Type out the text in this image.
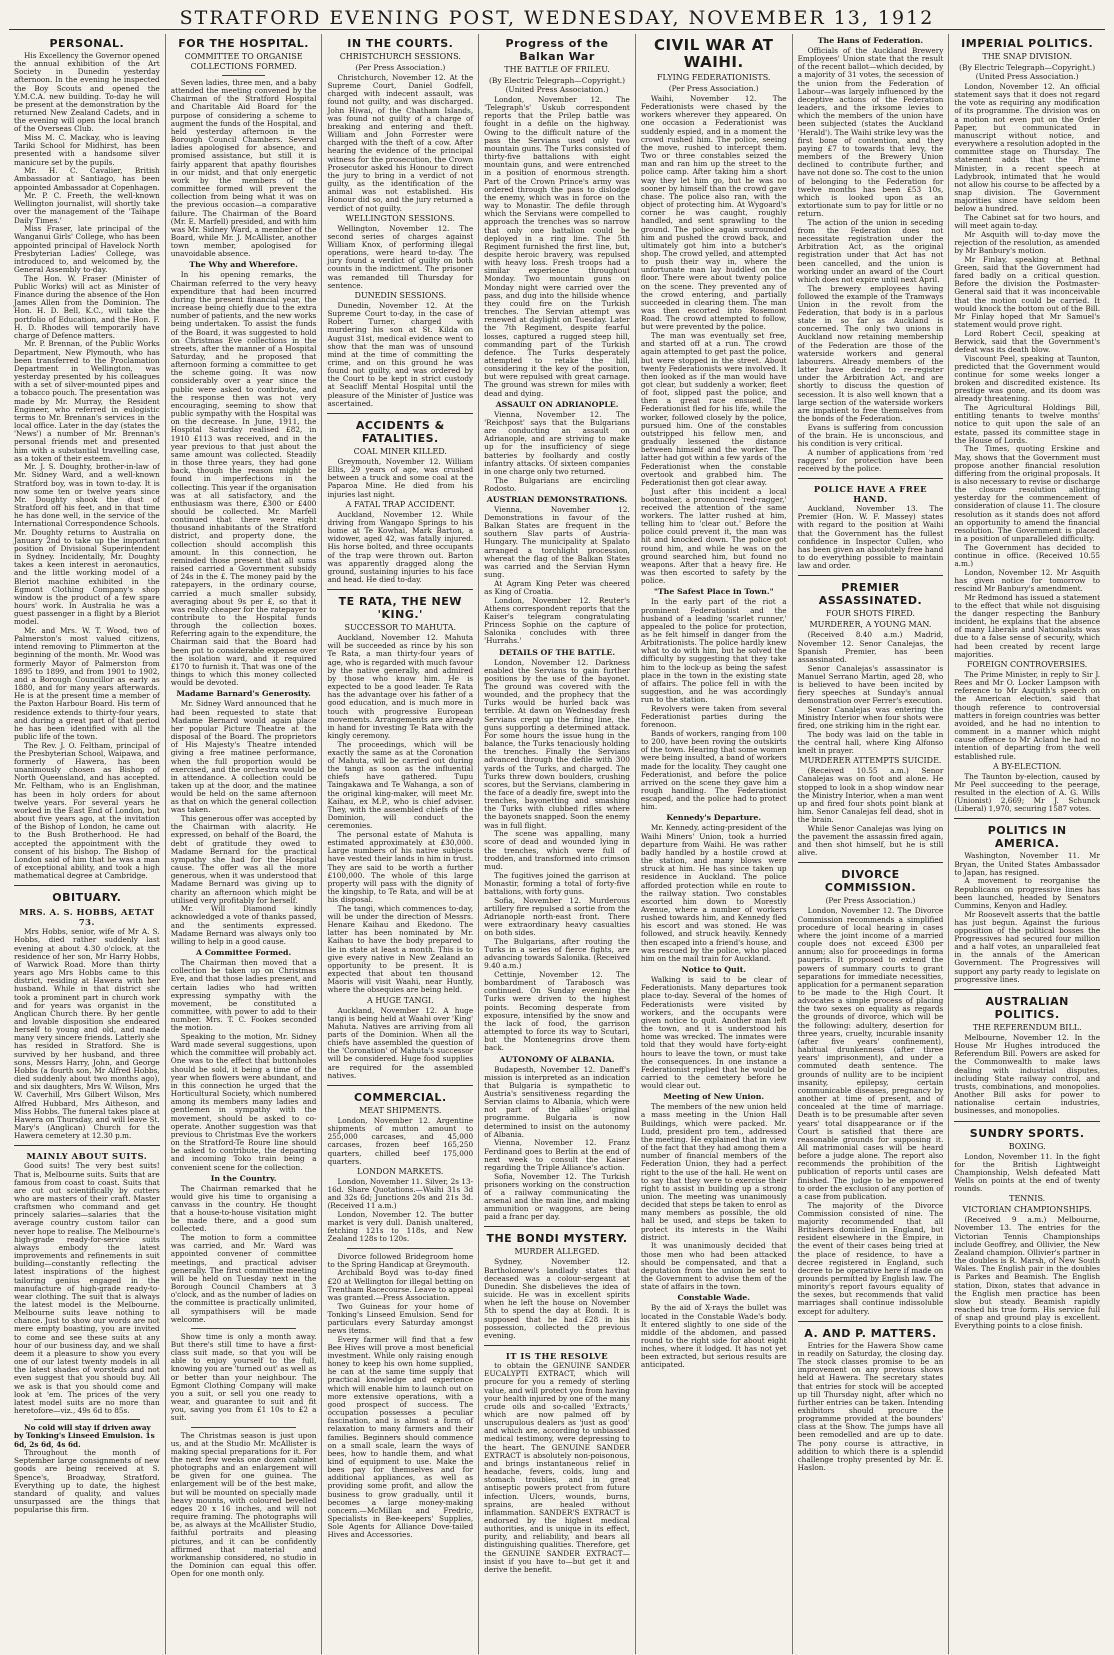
STRATFORD EVENING POST, WEDNESDAY, NOVEMBER 13, 1912
PERSONAL.

His Excellency the Governor opened the annual exhibition of the Art Society in Dunedin yesterday afternoon. In the evening he inspected the Boy Scouts and opened the Y.M.C.A. new building. To-day he will be present at the demonstration by the returned New Zealand Cadets, and in the evening will open the local branch of the Overseas Club.

Miss M. C. Mackay, who is leaving Tariki School for Midhirst, has been presented with a handsome silver manicure set by the pupils.

Mr. H. C. Cavalier, British Ambassador at Santiago, has been appointed Ambassador at Copenhagen.

Mr. P. C. Freeth, the well-known Wellington journalist, will shortly take over the management of the 'Taihape Daily Times.'

Miss Fraser, late principal of the Wanganui Girls' College, who has been appointed principal of Havelock North Presbyterian Ladies' College, was introduced to, and welcomed by, the General Assembly to-day.

The Hon. W. Fraser (Minister of Public Works) will act as Minister of Finance during the absence of the Hon James Allen from the Dominion. The Hon. H. D. Bell, K.C., will take the portfolio of Education, and the Hon. F. H. D. Rhodes will temporarily have charge of Defence matters.

Mr. P. Brennan, of the Public Works Department, New Plymouth, who has been transferred to the Proclamation Department in Wellington, was yesterday presented by his colleagues with a set of silver-mounted pipes and a tobacco pouch. The presentation was made by Mr. Murray, the Resident Engineer, who referred in eulogistic terms to Mr. Brennan's services in the local office. Later in the day (states the 'News') a number of Mr. Brennan's personal friends met and presented him with a substantial travelling case, as a token of their esteem.

Mr. J. S. Doughty, brother-in-law of Mr. Sidney Ward, and a well-known Stratford boy, was in town to-day. It is now some ten or twelve years since Mr. Doughty shook the dust of Stratford off his feet, and in that time he has done well, in the service of the International Correspondence Schools. Mr. Doughty returns to Australia on January 2nd to take up the important position of Divisional Superintendent in Sydney. Incidentally, Mr. Doughty takes a keen interest in aeronautics, and the little working model of a Bleriot machine exhibited in the Egmont Clothing Company's shop window is the product of a few spare hours' work. In Australia he was a guest passenger in a flight by a Bleriot model.

Mr. and Mrs. W. T. Wood, two of Palmerston's most valued citizens, intend removing to Plimmerton at the beginning of the month. Mr. Wood was formerly Mayor of Palmerston from 1895 to 1899, and from 1901 to 1902, and a Borough Councillor as early as 1880, and for many years afterwards. He is at the present time a member of the Paxton Harbour Board. His term of residence extends to thirty-four years, and during a great part of that period he has been identified with all the public life of the town.

The Rev. J. O. Feltham, principal of the Presbyterian School, Waipawa, and formerly of Hawera, has been unanimously chosen as Bishop of North Queensland, and has accepted. Mr. Feltham, who is an Englishman, has been in holy orders for about twelve years. For several years he worked in the East End of London, but about five years ago, at the invitation of the Bishop of London, he came out to the Bush Brotherhood. He had accepted the appointment with the consent of his bishop. The Bishop of London said of him that he was a man of exceptional ability, and took a high mathematical degree at Cambridge.

OBITUARY.
MRS. A. S. HOBBS, AETAT 73.

Mrs Hobbs, senior, wife of Mr A. S. Hobbs, died rather suddenly last evening at about 4.30 o'clock, at the residence of her son, Mr Harry Hobbs, of Warwick Road. More than thirty years ago Mrs Hobbs came to this district, residing at Hawera with her husband. While in that district she took a prominent part in church work and for years was organist in the Anglican Church there. By her gentle and lovable disposition she endeared herself to young and old, and made many very sincere friends. Latterly she has resided in Stratford. She is survived by her husband, and three sons, Messrs Harry, John, and George Hobbs (a fourth son, Mr Alfred Hobbs, died suddenly about two months ago), and six daughters, Mrs W. Wilson, Mrs W. Caverhill, Mrs Gilbert Wilson, Mrs Alfred Hubbard, Mrs Aitheson, and Miss Hobbs. The funeral takes place at Hawera on Thursday, and will leave St. Mary's (Anglican) Church for the Hawera cemetery at 12.30 p.m.

MAINLY ABOUT SUITS.

Good suits! The very best suits! That is, Melbourne suits. Suits that are famous from coast to coast. Suits that are cut out scientifically by cutters who are masters of their craft. Master craftsmen who command and get princely salaries—salaries that the average country custom tailor can never hope to realise. The Melbourne's high-grade ready-for-service suits always embody the latest improvements and refinements in suit building—constantly reflecting the latest inspirations of the highest tailoring genius engaged in the manufacture of high-grade ready-to-wear clothing. The suit that is always the latest model is the Melbourne. Melbourne suits leave nothing to chance. Just to show our words are not mere empty boasting, you are invited to come and see these suits at any hour of our business day, and we shall deem it a pleasure to show you every one of our latest twenty models in all the latest shades of worsteds and not even suggest that you should buy. All we ask is that you should come and look at 'em. The prices of the very latest model suits are no more than heretofore—viz., 49s 6d to 85s.

No cold will stay if driven away by Tonking's Linseed Emulsion. 1s 6d, 2s 6d, 4s 6d.

Throughout the month of September large consignments of new goods are being received at S. Spence's, Broadway, Stratford. Everything up to date, the highest standard of quality, and values unsurpassed are the things that popularise this firm.

FOR THE HOSPITAL.
COMMITTEE TO ORGANISE COLLECTIONS FORMED.

Seven ladies, three men, and a baby attended the meeting convened by the Chairman of the Stratford Hospital and Charitable Aid Board for the purpose of considering a scheme to augment the funds of the Hospital, and held yesterday afternoon in the Borough Council Chambers. Several ladies apologised for absence, and promised assistance, but still it is fairly apparent that apathy flourishes in our midst, and that only energetic work by the members of the committee formed will prevent the collection from being what it was on the previous occasion—a comparative failure. The Chairman of the Board (Mr. E. Marfell) presided, and with him was Mr. Sidney Ward, a member of the Board, while Mr. J. McAllister, another town member, apologised for unavoidable absence.

The Why and Wherefore.

In his opening remarks, the Chairman referred to the very heavy expenditure that had been incurred during the present financial year, the increase being chiefly due to the extra number of patients, and the new works being undertaken. To assist the funds of the Board, it was suggested to hold on Christmas Eve collections in the streets, after the manner of a Hospital Saturday, and he proposed that afternoon forming a committee to get the scheme going. It was now considerably over a year since the public were asked to contribute, and the response then was not very encouraging, seeming to show that public sympathy with the Hospital was on the decrease. In June, 1911, the Hospital Saturday realised £82, in 1910 £113 was received, and in the year previous to that just about the same amount was collected. Steadily in those three years, they had gone back, though the reason might be found in imperfections in the collecting. This year if the organisation was at all satisfactory, and the enthusiasm was there, £300 or £400 should be collected. Mr. Marfell continued that there were eight thousand inhabitants of the Stratford district, and property done, the collection should accomplish this amount. In this connection, he reminded those present that all sums raised carried a Government subsidy of 24s in the £. The money paid by the ratepayers, in the ordinary course, carried a much smaller subsidy, averaging about 9s per £, so that it was really cheaper for the ratepayer to contribute to the Hospital funds through the collection boxes. Referring again to the expenditure, the Chairman said that the Board had been put to considerable expense over the isolation ward, and it required £170 to furnish it. That was one of the things to which this money collected would be devoted.

Madame Barnard's Generosity.

Mr. Sidney Ward announced that he had been requested to state that Madame Bernard would again place her popular Picture Theatre at the disposal of the Board. The proprietors of His Majesty's Theatre intended giving a free matinee performance, when the full proportion would be exercised, and the orchestra would be in attendance. A collection could be taken up at the door, and the matinee would be held on the same afternoon as that on which the general collection was taken.

This generous offer was accepted by the Chairman with alacrity. He expressed, on behalf of the Board, the debt of gratitude they owed to Madame Bernard for the practical sympathy she had for the Hospital cause. The offer was all the more generous, when it was understood that Madame Bernard was giving up to charity an afternoon which might be utilised very profitably for herself.

Mr. Will Diamond kindly acknowledged a vote of thanks passed, and the sentiments expressed. Madame Bernard was always only too willing to help in a good cause.

A Committee Formed.

The Chairman then moved that a collection be taken up on Christmas Eve, and that those ladies present, and certain ladies who had written expressing sympathy with the movement, be constituted a committee, with power to add to their number. Mrs. T. C. Fookes seconded the motion.

Speaking to the motion, Mr. Sidney Ward made several suggestions, upon which the committee will probably act. One was to the effect that buttonholes should be sold, it being a time of the year when flowers were abundant, and in this connection he urged that the Horticultural Society, which numbered among its members many ladies and gentlemen in sympathy with the movement, should be asked to co-operate. Another suggestion was that previous to Christmas Eve the workers on the Stratford-Te Roure line should be asked to contribute, the departing and incoming Toko train being a convenient scene for the collection.

In the Country.

The Chairman remarked that he would give his time to organising a canvass in the country. He thought that a house-to-house visitation might be made there, and a good sum collected.

The motion to form a committee was carried, and Mr. Ward was appointed convener of committee meetings, and practical adviser generally. The first committee meeting will be held on Tuesday next in the Borough Council Chambers at 3 o'clock, and as the number of ladies on the committee is practically unlimited, all sympathisers will be made welcome.

Show time is only a month away. But there's still time to have a first-class suit made, so that you will be able to enjoy yourself to the full, knowing you are 'turned out' as well as or better than your neighbour. The Egmont Clothing Company will make you a suit, or sell you one ready to wear, and guarantee to suit and fit you, saving you from £1 10s to £2 a suit.

The Christmas season is just upon us, and at the Studio Mr. McAllister is making special preparations for it. For the next few weeks one dozen cabinet photographs and an enlargement will be given for one guinea. The enlargement will be of the best make, but will be mounted on specially made heavy mounts, with coloured bevelled edges 20 x 16 inches, and will not require framing. The photographs will be, as always at the McAllister Studio, faithful portraits and pleasing pictures, and it can be confidently affirmed that material and workmanship considered, no studio in the Dominion can equal this offer. Open for one month only.

IN THE COURTS.
CHRISTCHURCH SESSIONS.
(Per Press Association.)

Christchurch, November 12. At the Supreme Court, Daniel Godfell, charged with indecent assault, was found not guilty, and was discharged. John Hiwai, of the Chatham Islands, was found not guilty of a charge of breaking and entering and theft. William and John Forrester were charged with the theft of a cow. After hearing the evidence of the principal witness for the prosecution, the Crown Prosecutor asked his Honour to direct the jury to bring in a verdict of not guilty, as the identification of the animal was not established. His Honour did so, and the jury returned a verdict of not guilty.

WELLINGTON SESSIONS.

Wellington, November 12. The second series of charges against William Knox, of performing illegal operations, were heard to-day. The jury found a verdict of guilty on both counts in the indictment. The prisoner was remanded till Thursday for sentence.

DUNEDIN SESSIONS.

Dunedin, November 12. At the Supreme Court to-day, in the case of Robert Turner, charged with murdering his son at St. Kilda on August 31st, medical evidence went to show that the man was of unsound mind at the time of committing the crime, and on this ground he was found not guilty, and was ordered by the Court to be kept in strict custody at Seacliff Mental Hospital until the pleasure of the Minister of Justice was ascertained.

ACCIDENTS & FATALITIES.
COAL MINER KILLED.

Greymouth, November 12. William Ellis, 29 years of age, was crushed between a truck and some coal at the Paparoa Mine. He died from his injuries last night.

A FATAL TRAP ACCIDENT.

Auckland, November 12. While driving from Wangapo Springs to his home at Te Kowhai, Mark Barton, a widower, aged 42, was fatally injured. His horse bolted, and three occupants of the trap were thrown out. Barton was apparently dragged along the ground, sustaining injuries to his face and head. He died to-day.

TE RATA, THE NEW 'KING.'
SUCCESSOR TO MAHUTA.

Auckland, November 12. Mahuta will be succeeded as rince by his son Te Rata, a man thirty-four years of age, who is regarded with much favour by the native generally, and admired by those who know him. He is expected to be a good leader. Te Rata has the advantage over his father of a good education, and is much more in touch with progressive European movements. Arrangements are already in hand for investing Te Rata with the kingly ceremony.

The proceedings, which will be exactly the same as at the Coronation of Mahuta, will be carried out during the tangi as soon as the influential chiefs have gathered. Tupu Taingakawa and Te Wahanga, a son of the original king-maker, will meet Mr. Kaihau, ex M.P., who is chief adviser. They, with the assembled chiefs of the Dominion, will conduct the ceremonies.

The personal estate of Mahuta is estimated approximately at £30,000. Large numbers of his native subjects have vested their lands in him in trust. They are said to be worth a further £100,000. The whole of this large property will pass with the dignity of the kingship, to Te Rata, and will be at his disposal.

The tangi, which commences to-day, will be under the direction of Messrs. Henare Kaihau and Ekedono. The latter has been nominated by Mr. Kaihau to have the body prepared to lie in state at least a month. This is to give every native in New Zealand an opportunity to be present. It is expected that about ten thousand Maoris will visit Waahi, near Huntly, where the obsequies are being held.

A HUGE TANGI.

Auckland, November 12. A huge tangi is being held at Waahi over 'King' Mahuta. Natives are arriving from all parts of the Dominion. When all the chiefs have assembled the question of the 'Coronation' of Mahuta's successor will be considered. Huge food supplies are required for the assembled natives.

COMMERCIAL.
MEAT SHIPMENTS.

London, November 12. Argentine shipments of mutton amount to 255,000 carcases, and 45,000 carcases, frozen beef 165,250 quarters, chilled beef 175,000 quarters.

LONDON MARKETS.

London, November 11. Silver, 2s 13-16d. Share Quotations.—Waihi 31s 3d and 32s 6d; Junctions 20s and 21s 3d. (Received 11 a.m.)

London, November 12. The butter market is very dull. Danish unaltered, fetching 121s to 118s, and New Zealand 128s to 120s.

Divorce followed Bridegroom home to the Spring Handicap at Greymouth.

Archibald Boyd was to-day fined £20 at Wellington for illegal betting on Trentham Racecourse. Leave to appeal was granted.—Press Association.

Two Guineas for your home of Tonking's Linseed Emulsion. Send for particulars every Saturday amongst news items.

Every farmer will find that a few Bee Hives will prove a most beneficial investment. While only raising enough honey to keep his own home supplied, he can at the same time supply that practical knowledge and experience which will enable him to launch out on more extensive operations, with a good prospect of success. The occupation possesses a peculiar fascination, and is almost a form of relaxation to many farmers and their families. Beginners should commence on a small scale, learn the ways of bees, how to handle them, and what kind of equipment to use. Make the bees pay for themselves and for additional appliances, as well as providing some profit, and allow the business to grow gradually, until it becomes a large money-making concern.—McMillan and Fredric, Specialists in Bee-keepers' Supplies, Sole Agents for Alliance Dove-tailed Hives and Accessories.

Progress of the Balkan War
THE BATTLE OF FRILEU.
(By Electric Telegraph—Copyright.) (United Press Association.)

London, November 12. The 'Telegraph's' Uskub correspondent reports that the Prilep battle was fought in a defile on the highway. Owing to the difficult nature of the pass the Servians used only two mountain guns. The Turks consisted of thirty-five battalions with eight mountain guns, and were entrenched in a position of enormous strength. Part of the Crown Prince's army was ordered through the pass to dislodge the enemy, which was in force on the way to Monastir. The defile through which the Servians were compelled to approach the trenches was so narrow that only one battalion could be deployed in a ring line. The 5th Regiment furnished the first line, but, despite heroic bravery, was repulsed with heavy loss. Fresh troops had a similar experience throughout Monday. Two mountain guns on Monday night were carried over the pass, and dug into the hillside whence they could fire on the Turkish trenches. The Servian attempt was renewed at daylight on Tuesday. Later the 7th Regiment, despite fearful losses, captured a rugged steep hill, commanding part of the Turkish defence. The Turks desperately attempted to retake the hill, considering it the key of the position, but were repulsed with great carnage. The ground was strewn for miles with dead and dying.

ASSAULT ON ADRIANOPLE.

Vienna, November 12. The 'Reichpost' says that the Bulgarians are conducting an assault on Adrianople, and are striving to make up for the insufficiency of siege batteries by foolhardy and costly infantry attacks. Of sixteen companies in one charge only two returned.

The Bulgarians are encircling Rodosto.

AUSTRIAN DEMONSTRATIONS.

Vienna, November 12. Demonstrations in favour of the Balkan States are frequent in the southern Slav parts of Austria-Hungary. The municipality at Spalato arranged a torchlight procession, whereat the flag of the Balkan States was carried and the Servian Hymn sung.

At Agram King Peter was cheered as King of Croatia.

London, November 12. Reuter's Athens correspondent reports that the Kaiser's telegram congratulating Princess Sophie on the capture of Salonika concludes with three 'Hurrahs.'

DETAILS OF THE BATTLE.

London, November 12. Darkness enabled the Servians to gain further positions by the use of the bayonet. The ground was covered with the wounded, and the prophecy that the Turks would be hurled back was terrible. At dawn on Wednesday fresh Servians crept up the firing line, the guns supporting a determined attack. For some hours the issue hung in the balance, the Turks tenaciously holding the trenches. Finally the Servians advanced through the defile with 300 yards of the Turks, and charged. The Turks threw down boulders, crushing scores, but the Servians, clambering in the face of a deadly fire, swept into the trenches, bayonetting and smashing the Turks with clubbed rifles where the bayonets snapped. Soon the enemy was in full flight.

The scene was appalling, many score of dead and wounded lying in the trenches, which were full of trodden, and transformed into crimson mud.

The fugitives joined the garrison at Monastir, forming a total of forty-five battalions, with forty guns.

Sofia, November 12. Murderous artillery fire repulsed a sortie from the Adrianople north-east front. There were extraordinary heavy casualties on both sides.

The Bulgarians, after routing the Turks in a series of fierce fights, are advancing towards Salonika. (Received 9.40 a.m.)

Cettinje, November 12. The bombardment of Tarabosch was continued. On Sunday evening the Turks were driven to the highest points. Becoming desperate from exposure, intensified by the snow and the lack of food, the garrison attempted to force its way to Scutari, but the Montenegrins drove them back.

AUTONOMY OF ALBANIA.

Budapesth, November 12. Daneff's mission is interpreted as an indication that Bulgaria is sympathetic to Austria's sensitiveness regarding the Servian claims to Albania, which were not part of the allies' original programme. Bulgaria is now determined to insist on the autonomy of Albania.

Vienna, November 12. Franz Ferdinand goes to Berlin at the end of next week to consult the Kaiser regarding the Triple Alliance's action.

Sofia, November 12. The Turkish prisoners working on the construction of a railway communicating the arsenal and the main line, and making ammunition or waggons, are being paid a franc per day.

THE BONDI MYSTERY.
MURDER ALLEGED.

Sydney, November 12. Bartholomew's landlady states that deceased was a colour-sergeant at Dunedin. She disbelieves the idea of suicide. He was in excellent spirits when he left the house on November 5th to spend the day at Bondi. It is supposed that he had £28 in his possession, collected the previous evening.

IT IS THE RESOLVE

to obtain the GENUINE SANDER EUCALYPTI EXTRACT, which will procure for you a remedy of sterling value, and will protect you from having your health injured by one of the many crude oils and so-called 'Extracts,' which are now palmed off by unscrupulous dealers as 'just as good' and which are, according to unbiassed medical testimony, were depressing to the heart. The GENUINE SANDER EXTRACT is absolutely non-poisonous, and brings instantaneous relief in headache, fevers, colds, lung and stomach troubles, and in great antiseptic powers protect from future infection. Ulcers, wounds, burns, sprains, are healed without inflammation. SANDER'S EXTRACT is endorsed by the highest medical authorities, and is unique in its effect, purity, and reliability, and bears all distinguishing qualities. Therefore, get the GENUINE SANDER EXTRACT—insist if you have to—but get it and derive the benefit.

CIVIL WAR AT WAIHI.
FLYING FEDERATIONISTS.
(Per Press Association.)

Waihi, November 12. The Federationists were chased by the workers wherever they appeared. On one occasion a Federationist was suddenly espied, and in a moment the crowd rushed him. The police, seeing the move, rushed to intercept them. Two or three constables seized the man and ran him up the street to the police camp. After taking him a short way they let him go, but he was no sooner by himself than the crowd gave chase. The police also ran, with the object of protecting him. At Wygoard's corner he was caught, roughly handled, and sent sprawling to the ground. The police again surrounded him and pushed the crowd back, and ultimately got him into a butcher's shop. The crowd yelled, and attempted to push their way in, where the unfortunate man lay huddled on the floor. There were about twenty police on the scene. They prevented any of the crowd entering, and partially succeeded in clearing them. The man was then escorted into Rosemont Road. The crowd attempted to follow, but were prevented by the police.

The man was eventually set free, and started off at a run. The crowd again attempted to get past the police, but were stopped in the street. About twenty Federationists were involved. It then looked as if the man would have got clear, but suddenly a worker, fleet of foot, slipped past the police, and then a great race ensued. The Federationist fled for his life, while the worker, followed closely by the police, pursued him. One of the constables outstripped his fellow men, and gradually lessened the distance between himself and the worker. The latter had got within a few yards of the Federationist when the constable overtook and grabbed him. The Federationist then got clear away.

Just after this incident a local bootmaker, a pronounced 'red-ragger,' received the attention of the same workers. The latter rushed at him, telling him to 'clear out.' Before the police could prevent it, the man was hit and knocked down. The police got round him, and while he was on the ground searched him, but found no weapons. After that a heavy fire. He was then escorted to safety by the police.

"The Safest Place in Town."

In the early part of the riot a prominent Federationist and the husband of a leading 'scarlet runner,' appealed to the police for protection, as he felt himself in danger from the Arbitrationists. The police hardly knew what to do with him, but he solved the difficulty by suggesting that they take him to the lock-up as being the safest place in the town in the existing state of affairs. The police fell in with the suggestion, and he was accordingly run to the station.

Revolvers were taken from several Federationist parties during the forenoon.

Bands of workers, ranging from 100 to 200, have been roving the outskirts of the town. Hearing that some women were being insulted, a band of workers made for the locality. They caught one Federationist, and before the police arrived on the scene they gave him a rough handling. The Federationist escaped, and the police had to protect him.

Kennedy's Departure.

Mr. Kennedy, acting-president of the Waihi Miners' Union, took a hurried departure from Waihi. He was rather badly handled by a hostile crowd at the station, and many blows were struck at him. He has since taken up residence in Auckland. The police afforded protection while en route to the railway station. Two constables escorted him down to Morestly Avenue, where a number of workers rushed towards him, and Kennedy fled his escort and was stoned. He was followed, and struck heavily. Kennedy then escaped into a friend's house, and was rescued by the police, who placed him on the mail train for Auckland.

Notice to Quit.

Walking is said to be clear of Federationists. Many departures took place to-day. Several of the homes of Federationists were visited by workers, and the occupants were given notice to quit. Another man left the town, and it is understood his home was wrecked. The inmates were told that they would have forty-eight hours to leave the town, or must take the consequences. In one instance a Federationist replied that he would be carried to the cemetery before he would clear out.

Meeting of New Union.

The members of the new union held a mass meeting in the Union Hall Buildings, which were packed. Mr. Ludd, president pro tem., addressed the meeting. He explained that in view of the fact that they had among them a number of financial members of the Federation Union, they had a perfect right to the use of the hall. He went on to say that they were to exercise their right to assist in building up a strong union. The meeting was unanimously decided that steps be taken to enrol as many members as possible, the old hall be used, and steps be taken to protect its interests in the Waihi district.

It was unanimously decided that those men who had been attacked should be compensated, and that a deputation from the union be sent to the Government to advise them of the state of affairs in the town.

Constable Wade.

By the aid of X-rays the bullet was located in the Constable Wade's body. It entered slightly to one side of the middle of the abdomen, and passed round to the right side for about eight inches, where it lodged. It has not yet been extracted, but serious results are anticipated.

The Hans of Federation.

Officials of the Auckland Brewery Employees' Union state that the result of the recent ballot—which decided, by a majority of 31 votes, the secession of the union from the Federation of Labour—was largely influenced by the deceptive actions of the Federation leaders, and the irksome levies to which the members of the union have been subjected (states the Auckland 'Herald'). The Waihi strike levy was the first bone of contention, and they paying £7 to towards that levy, the members of the Brewery Union declined to contribute further, and have not done so. The cost to the union of belonging to the Federation for twelve months has been £53 10s, which is looked upon as an extortionate sum to pay for little or no return.

The action of the union in seceding from the Federation does not necessitate registration under the Arbitration Act, as the original registration under that Act has not been cancelled, and the union is working under an award of the Court which does not expire until next April.

The brewery employees having followed the example of the Tramways Union in the revolt from the Federation, that body is in a parlous state in so far as Auckland is concerned. The only two unions in Auckland now retaining membership of the Federation are those of the waterside workers and general labourers. Already members of the latter have decided to re-register under the Arbitration Act, and are shortly to discuss the question of secession. It is also well known that a large section of the waterside workers are impatient to free themselves from the bonds of the Federation.

Evans is suffering from concussion of the brain. He is unconscious, and his condition is very critical.

A number of applications from 'red raggers' for protection have been received by the police.

POLICE HAVE A FREE HAND.

Auckland, November 13. The Premier (Hon. W. F. Massey) states with regard to the position at Waihi that the Government has the fullest confidence in Inspector Cullen, who has been given an absolutely free hand to do everything possible to maintain law and order.

PREMIER ASSASSINATED.
FOUR SHOTS FIRED.
MURDERER, A YOUNG MAN.

(Received 8.40 a.m.) Madrid, November 12. Senor Canalejas, the Spanish Premier, has been assassinated.

Senor Canalejas's assassinator is Manuel Serrano Martin, aged 28, who is believed to have been incited by fiery speeches at Sunday's annual demonstration over Ferrer's execution.

Senor Canalejas was entering the Ministry Interior when four shots were fired, one striking him in the right ear.

The body was laid on the table in the central hall, where King Alfonso knelt in prayer.

MURDERER ATTEMPTS SUICIDE.

(Received 10.55 a.m.) Senor Canalejas was on foot and alone. He stopped to look in a shop window near the Ministry Interior, when a man went up and fired four shots point blank at him. Senor Canalejas fell dead, shot in the brain.

While Senor Canalejas was lying on the pavement the assassin fired again, and then shot himself, but he is still alive.

DIVORCE COMMISSION.
(Per Press Association.)

London, November 12. The Divorce Commission recommends a simplified procedure of local hearing in cases where the joint income of a married couple does not exceed £300 per annum; also for proceedings in forma pauperis. It proposed to extend the powers of summary courts to grant separations for immediate necessities, application for a permanent separation to be made to the High Court. It advocates a simple process of placing the two sexes on equality as regards the grounds of divorce, which will be the following: adultery, desertion for three years, cruelty, incurable insanity (after five years' confinement), habitual drunkenness (after three years' imprisonment), and under a commuted death sentence. The grounds of nullity are to be incipient insanity, epilepsy, certain communicable diseases, pregnancy by another at time of present, and of concealed at the time of marriage. Death is to be presumable after seven years' total disappearance or if the Court is satisfied that there are reasonable grounds for supposing it. All matrimonial cases will be heard before a judge alone. The report also recommends the prohibition of the publication of reports until cases are finished. The judge to be empowered to order the exclusion of any portion of a case from publication.

The majority of the Divorce Commission consisted of nine. The majority recommended that all Britishers domiciled in England, but resident elsewhere in the Empire, in the event of their cases being tried at the place of residence, to have a decree registered in England, such decree to be operative here if made on grounds permitted by English law. The minority's report favours equality of the sexes, but recommends that valid marriages shall continue indissoluble except for adultery.

A. AND P. MATTERS.

Entries for the Hawera Show came in readily on Saturday, the closing day. The stock classes promise to be an improvement on any previous shows held at Hawera. The secretary states that entries for stock will be accepted up till Thursday night, after which no further entries can be taken. Intending exhibitors should procure the programme provided at the bounders' class at the Show. The jumps have all been remodelled and are up to date. The pony course is attractive, in addition to which there is a splendid challenge trophy presented by Mr. E. Haslon.

IMPERIAL POLITICS.
THE SNAP DIVISION.
(By Electric Telegraph—Copyright.) (United Press Association.)

London, November 12. An official statement says that it does not regard the vote as requiring any modification of its programme. The division was on a motion not even put on the Order Paper, but communicated in manuscript without notice, and everywhere a resolution adopted in the committee stage on Thursday. The statement adds that the Prime Minister, in a recent speech at Ladybrook, intimated that he would not allow his course to be affected by a snap division. The Government majorities since have seldom been below a hundred.

The Cabinet sat for two hours, and will meet again to-day.

Mr Asquith will to-day move the rejection of the resolution, as amended by Mr Banbury's motion.

Mr Finlay, speaking at Bethnal Green, said that the Government had fared badly on a critical question. Before the division the Postmaster-General said that it was inconceivable that the motion could be carried. It would knock the bottom out of the Bill. Mr Finlay hoped that Mr Samuel's statement would prove right.

Lord Robert Cecil, speaking at Berwick, said that the Government's defeat was its death blow.

Viscount Peel, speaking at Taunton, predicted that the Government would continue for some weeks longer a broken and discredited existence. Its prestige was gone, and its doom was already threatening.

The Agricultural Holdings Bill, entitling tenants to twelve months' notice to quit upon the sale of an estate, passed its committee stage in the House of Lords.

The Times, quoting Erskine and May, shows that the Government must propose another financial resolution differing from the original proposals. It is also necessary to revise or discharge the closure resolution allotting yesterday for the commencement of consideration of clause 11. The closure resolution as it stands does not afford an opportunity to amend the financial resolution. The Government is placed in a position of unparalleled difficulty.

The Government has decided to continue in office. (Received 10.55 a.m.)

London, November 12. Mr Asquith has given notice for tomorrow to rescind Mr Banbury's amendment.

Mr Redmond has issued a statement to the effect that while not disguising the danger respecting the Banbury incident, he explains that the absence of many Liberals and Nationalists was due to a false sense of security, which had been created by recent large majorities.

FOREIGN CONTROVERSIES.

The Prime Minister, in reply to Sir J. Rees and Mr O. Locker Lampson with reference to Mr Asquith's speech on the American election, said that though reference to controversial matters in foreign countries was better avoided, and he had no intention to comment in a manner which might cause offence to Mr Acland he had no intention of departing from the well established rule.

A BY-ELECTION.

The Taunton by-election, caused by Mr Peel succeeding to the peerage, resulted in the election of A. G. Wills (Unionist) 2,669; Mr J. Schunck (Liberal) 1,970, securing 1587 votes.

POLITICS IN AMERICA.

Washington, November 11. Mr Bryan, the United States Ambassador to Japan, has resigned.

A movement to reorganise the Republicans on progressive lines has been launched, headed by Senators Cummins, Kenyon and Hadley.

Mr Roosevelt asserts that the battle has just begun. Against the furious opposition of the political bosses the Progressives had secured four million and a half votes, an unparalleled feat in the annals of the American Government. The Progressives will support any party ready to legislate on progressive lines.

AUSTRALIAN POLITICS.
THE REFERENDUM BILL.

Melbourne, November 12. In the House Mr Hughes introduced the Referendum Bill. Powers are asked for the Commonwealth to make laws dealing with industrial disputes, including State railway control, and trusts, combinations, and monopolies. Another Bill asks for power to nationalise certain industries, businesses, and monopolies.

SUNDRY SPORTS.
BOXING.

London, November 11. In the fight for the British Lightweight Championship, Welsh defeated Matt Wells on points at the end of twenty rounds.

TENNIS.
VICTORIAN CHAMPIONSHIPS.

(Received 9 a.m.) Melbourne, November 13. The entries for the Victorian Tennis Championships include Geoffrey, and Ollivier, the New Zealand champion. Ollivier's partner in the doubles is R. Marsh, of New South Wales. The English pair in the doubles is Parkes and Beamish. The English station, Dixon, states that advance in the English men practice has been slow but steady. Beamish rapidly reached his true form. His service full of snap and ground play is excellent. Everything points to a close finish.
